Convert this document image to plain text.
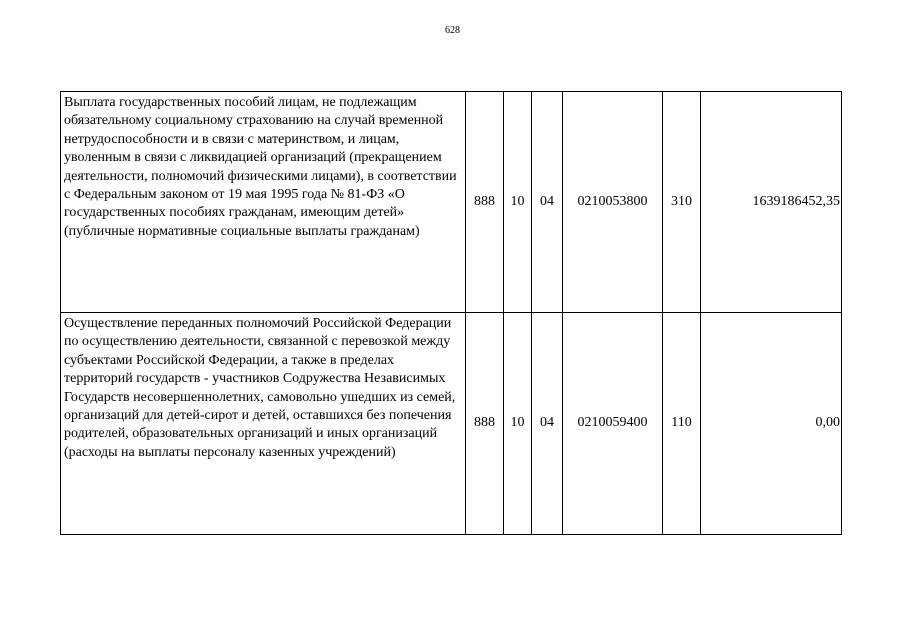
628
Выплата государственных пособий лицам, не подлежащим обязательному социальному страхованию на случай временной нетрудоспособности и в связи с материнством, и лицам, уволенным в связи с ликвидацией организаций (прекращением деятельности, полномочий физическими лицами), в соответствии с Федеральным законом от 19 мая 1995 года № 81-ФЗ «О государственных пособиях гражданам, имеющим детей» (публичные нормативные социальные выплаты гражданам)	888	10	04	0210053800	310	1639186452,35
Осуществление переданных полномочий Российской Федерации по осуществлению деятельности, связанной с перевозкой между субъектами Российской Федерации, а также в пределах территорий государств - участников Содружества Независимых Государств несовершеннолетних, самовольно ушедших из семей, организаций для детей-сирот и детей, оставшихся без попечения родителей, образовательных организаций и иных организаций (расходы на выплаты персоналу казенных учреждений)	888	10	04	0210059400	110	0,00
